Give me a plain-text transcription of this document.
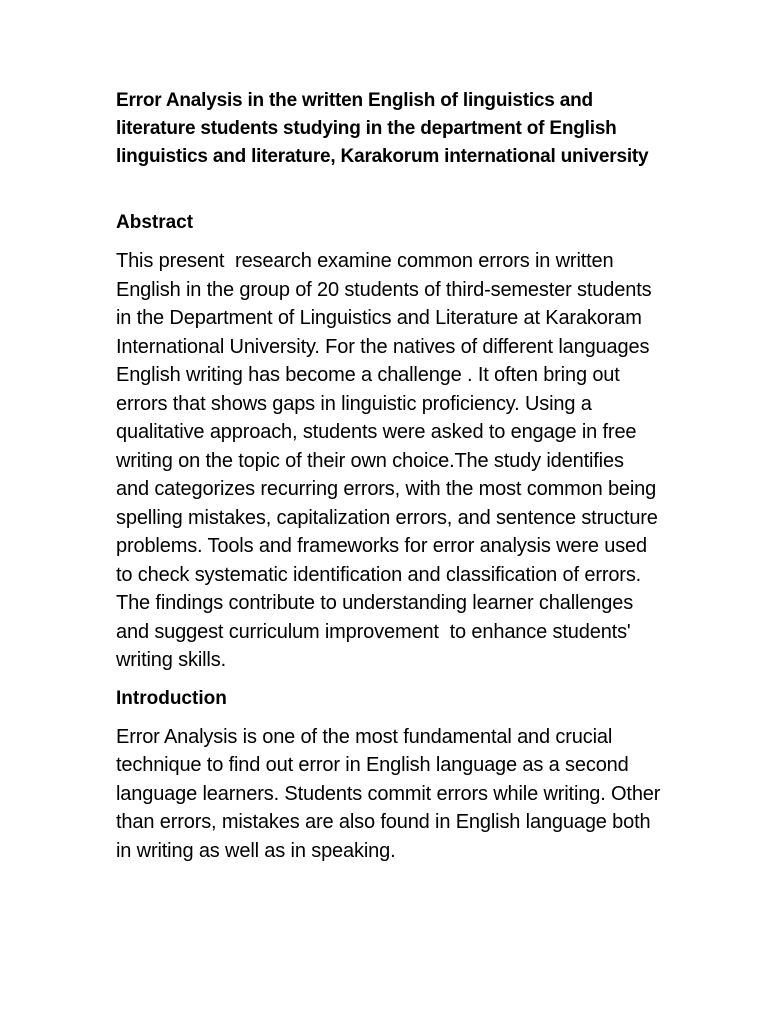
Error Analysis in the written English of linguistics and literature students studying in the department of English linguistics and literature, Karakorum international university

Abstract

This present  research examine common errors in written English in the group of 20 students of third-semester students in the Department of Linguistics and Literature at Karakoram International University. For the natives of different languages English writing has become a challenge . It often bring out errors that shows gaps in linguistic proficiency. Using a qualitative approach, students were asked to engage in free writing on the topic of their own choice.The study identifies and categorizes recurring errors, with the most common being spelling mistakes, capitalization errors, and sentence structure problems. Tools and frameworks for error analysis were used to check systematic identification and classification of errors. The findings contribute to understanding learner challenges and suggest curriculum improvement  to enhance students' writing skills.

Introduction

Error Analysis is one of the most fundamental and crucial technique to find out error in English language as a second language learners. Students commit errors while writing. Other than errors, mistakes are also found in English language both in writing as well as in speaking.
